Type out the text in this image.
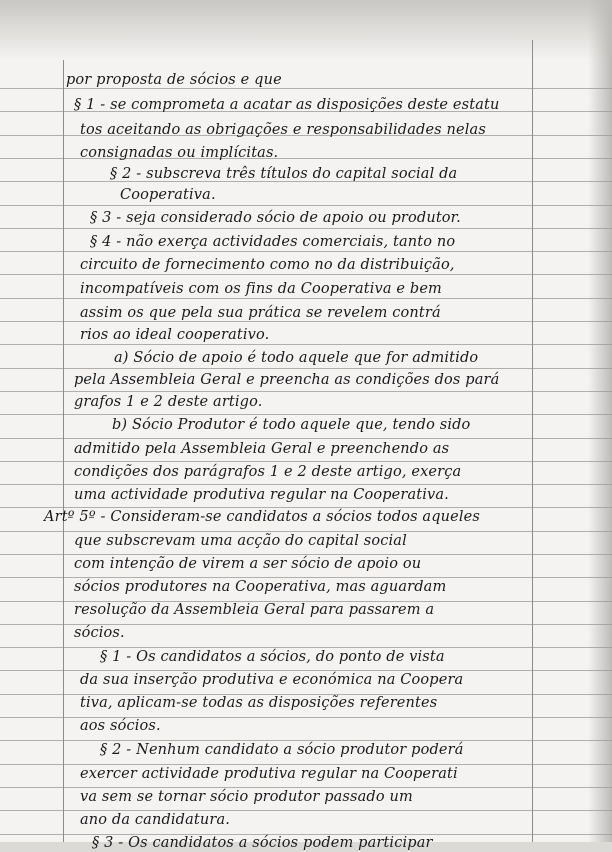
por proposta de sócios e que
§ 1 - se comprometa a acatar as disposições deste estatu
tos aceitando as obrigações e responsabilidades nelas
consignadas ou implícitas.
§ 2 - subscreva três títulos do capital social da
Cooperativa.
§ 3 - seja considerado sócio de apoio ou produtor.
§ 4 - não exerça actividades comerciais, tanto no
circuito de fornecimento como no da distribuição,
incompatíveis com os fins da Cooperativa e bem
assim os que pela sua prática se revelem contrá
rios ao ideal cooperativo.
a) Sócio de apoio é todo aquele que for admitido
pela Assembleia Geral e preencha as condições dos pará
grafos 1 e 2 deste artigo.
b) Sócio Produtor é todo aquele que, tendo sido
admitido pela Assembleia Geral e preenchendo as
condições dos parágrafos 1 e 2 deste artigo, exerça
uma actividade produtiva regular na Cooperativa.
Artº 5º - Consideram-se candidatos a sócios todos aqueles
que subscrevam uma acção do capital social
com intenção de virem a ser sócio de apoio ou
sócios produtores na Cooperativa, mas aguardam
resolução da Assembleia Geral para passarem a
sócios.
§ 1 - Os candidatos a sócios, do ponto de vista
da sua inserção produtiva e económica na Coopera
tiva, aplicam-se todas as disposições referentes
aos sócios.
§ 2 - Nenhum candidato a sócio produtor poderá
exercer actividade produtiva regular na Cooperati
va sem se tornar sócio produtor passado um
ano da candidatura.
§ 3 - Os candidatos a sócios podem participar
